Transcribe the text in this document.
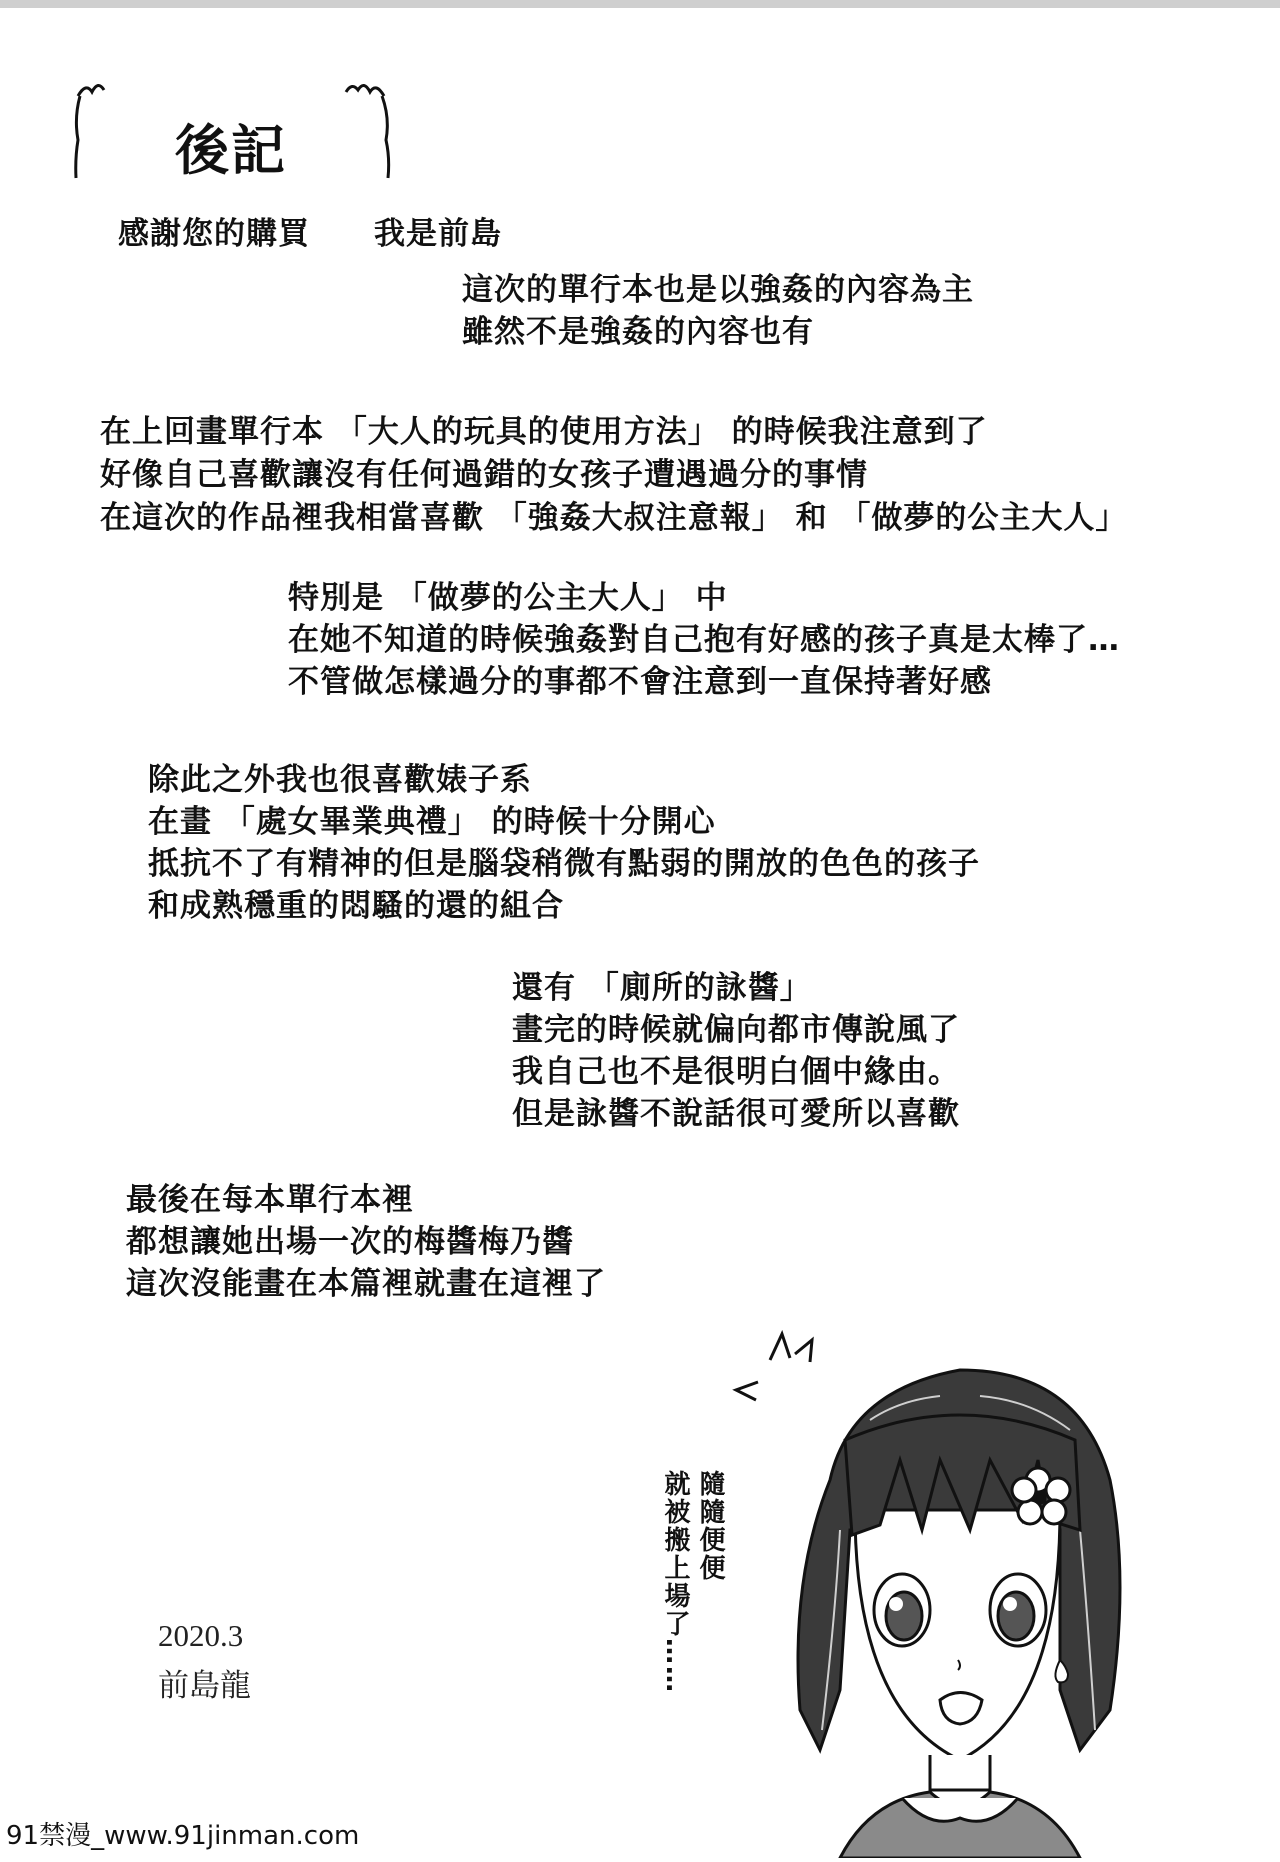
後記
感謝您的購買　　我是前島
這次的單行本也是以強姦的內容為主
雖然不是強姦的內容也有
在上回畫單行本 「大人的玩具的使用方法」 的時候我注意到了
好像自己喜歡讓沒有任何過錯的女孩子遭遇過分的事情
在這次的作品裡我相當喜歡 「強姦大叔注意報」 和 「做夢的公主大人」
特別是 「做夢的公主大人」 中
在她不知道的時候強姦對自己抱有好感的孩子真是太棒了…
不管做怎樣過分的事都不會注意到一直保持著好感
除此之外我也很喜歡婊子系
在畫 「處女畢業典禮」 的時候十分開心
抵抗不了有精神的但是腦袋稍微有點弱的開放的色色的孩子
和成熟穩重的悶騷的還的組合
還有 「廁所的詠醬」
畫完的時候就偏向都市傳說風了
我自己也不是很明白個中緣由。
但是詠醬不說話很可愛所以喜歡
最後在每本單行本裡
都想讓她出場一次的梅醬梅乃醬
這次沒能畫在本篇裡就畫在這裡了
2020.3
前島龍
隨隨便便
就被搬上場了……
91禁漫_www.91jinman.com
